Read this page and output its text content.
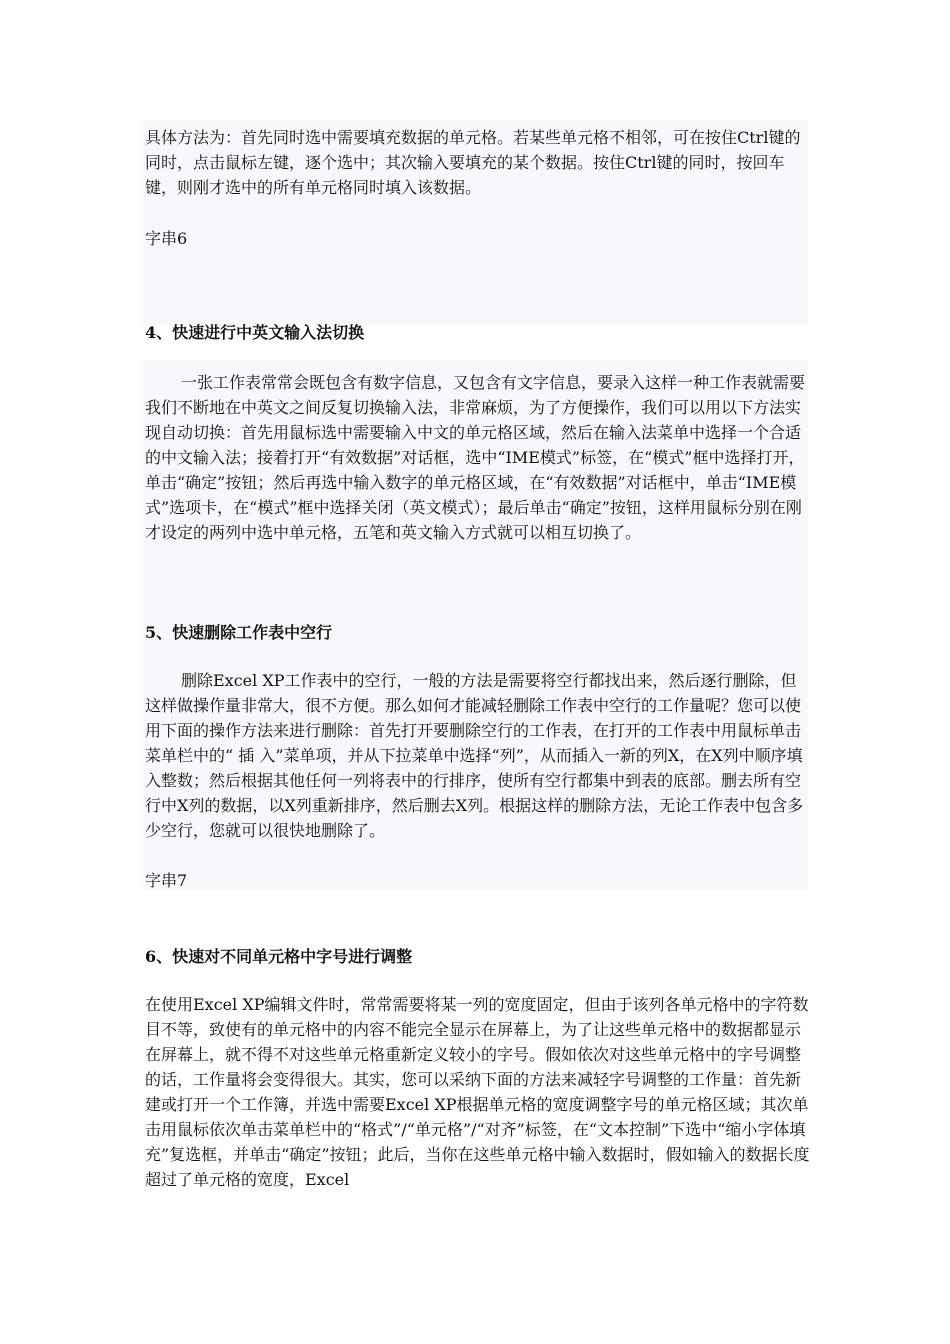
具体方法为：首先同时选中需要填充数据的单元格。若某些单元格不相邻，可在按住Ctrl键的同时，点击鼠标左键，逐个选中；其次输入要填充的某个数据。按住Ctrl键的同时，按回车键，则刚才选中的所有单元格同时填入该数据。

字串6

4、快速进行中英文输入法切换

一张工作表常常会既包含有数字信息，又包含有文字信息，要录入这样一种工作表就需要我们不断地在中英文之间反复切换输入法，非常麻烦，为了方便操作，我们可以用以下方法实现自动切换：首先用鼠标选中需要输入中文的单元格区域，然后在输入法菜单中选择一个合适的中文输入法；接着打开“有效数据”对话框，选中“IME模式”标签，在“模式”框中选择打开，单击“确定”按钮；然后再选中输入数字的单元格区域，在“有效数据”对话框中，单击“IME模式”选项卡，在“模式”框中选择关闭（英文模式）；最后单击“确定”按钮，这样用鼠标分别在刚才设定的两列中选中单元格，五笔和英文输入方式就可以相互切换了。

5、快速删除工作表中空行

删除Excel XP工作表中的空行，一般的方法是需要将空行都找出来，然后逐行删除，但这样做操作量非常大，很不方便。那么如何才能减轻删除工作表中空行的工作量呢？您可以使用下面的操作方法来进行删除：首先打开要删除空行的工作表，在打开的工作表中用鼠标单击菜单栏中的“ 插 入”菜单项，并从下拉菜单中选择“列”，从而插入一新的列X，在X列中顺序填入整数；然后根据其他任何一列将表中的行排序，使所有空行都集中到表的底部。删去所有空行中X列的数据，以X列重新排序，然后删去X列。根据这样的删除方法，无论工作表中包含多少空行，您就可以很快地删除了。

字串7

6、快速对不同单元格中字号进行调整

在使用Excel XP编辑文件时，常常需要将某一列的宽度固定，但由于该列各单元格中的字符数目不等，致使有的单元格中的内容不能完全显示在屏幕上，为了让这些单元格中的数据都显示在屏幕上，就不得不对这些单元格重新定义较小的字号。假如依次对这些单元格中的字号调整的话，工作量将会变得很大。其实，您可以采纳下面的方法来减轻字号调整的工作量：首先新建或打开一个工作簿，并选中需要Excel XP根据单元格的宽度调整字号的单元格区域；其次单击用鼠标依次单击菜单栏中的“格式”/“单元格”/“对齐”标签，在“文本控制”下选中“缩小字体填充”复选框，并单击“确定”按钮；此后，当你在这些单元格中输入数据时，假如输入的数据长度超过了单元格的宽度，Excel
